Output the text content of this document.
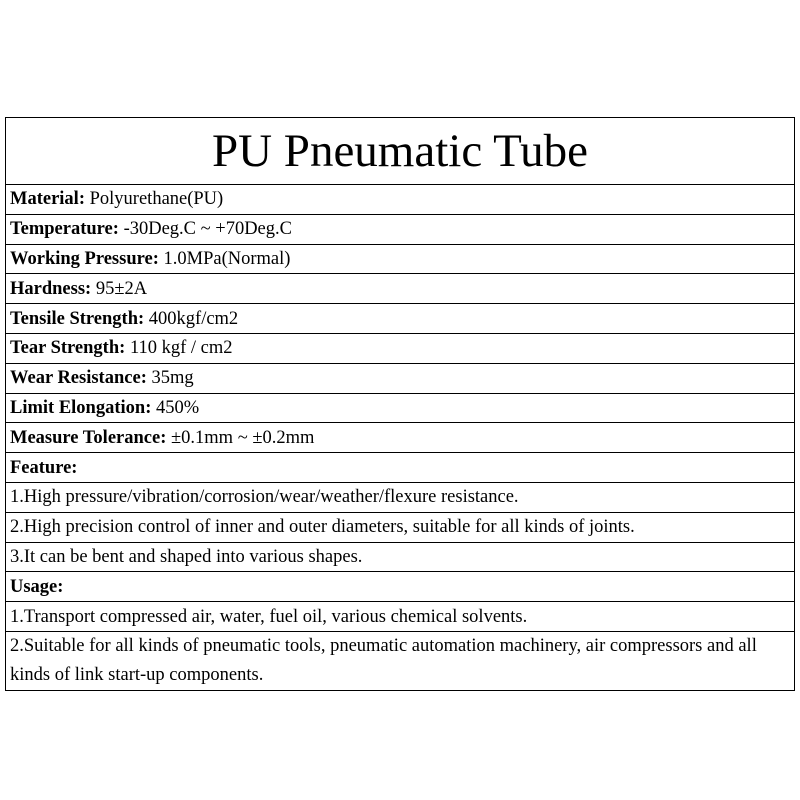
PU Pneumatic Tube
Material: Polyurethane(PU)
Temperature: -30Deg.C ~ +70Deg.C
Working Pressure: 1.0MPa(Normal)
Hardness: 95±2A
Tensile Strength: 400kgf/cm2
Tear Strength: 110 kgf / cm2
Wear Resistance: 35mg
Limit Elongation: 450%
Measure Tolerance: ±0.1mm ~ ±0.2mm
Feature:
1.High pressure/vibration/corrosion/wear/weather/flexure resistance.
2.High precision control of inner and outer diameters, suitable for all kinds of joints.
3.It can be bent and shaped into various shapes.
Usage:
1.Transport compressed air, water, fuel oil, various chemical solvents.
2.Suitable for all kinds of pneumatic tools, pneumatic automation machinery, air compressors and all kinds of link start-up components.
